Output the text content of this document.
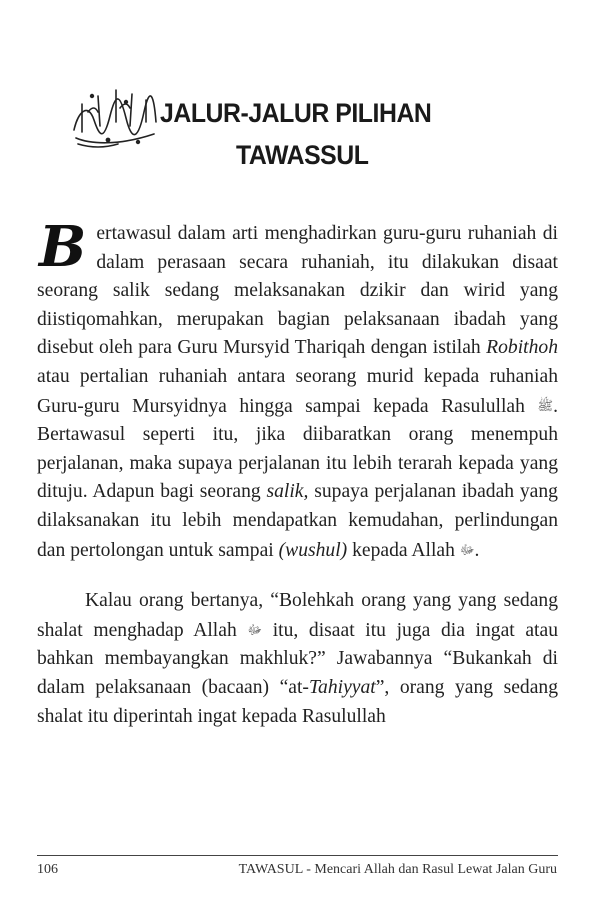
JALUR-JALUR PILIHAN
TAWASSUL

Bertawasul dalam arti menghadirkan guru-guru ruhaniah di dalam perasaan secara ruhaniah, itu dilakukan disaat seorang salik sedang melaksanakan dzikir dan wirid yang diistiqomahkan, merupakan bagian pelaksanaan ibadah yang disebut oleh para Guru Mursyid Thariqah dengan istilah Robithoh atau pertalian ruhaniah antara seorang murid kepada ruhaniah Guru-guru Mursyidnya hingga sampai kepada Rasulullah ﷺ. Bertawasul seperti itu, jika diibaratkan orang menempuh perjalanan, maka supaya perjalanan itu lebih terarah kepada yang dituju. Adapun bagi seorang salik, supaya perjalanan ibadah yang dilaksanakan itu lebih mendapatkan kemudahan, perlindungan dan pertolongan untuk sampai (wushul) kepada Allah ﷻ.

Kalau orang bertanya, “Bolehkah orang yang yang sedang shalat menghadap Allah ﷻ itu, disaat itu juga dia ingat atau bahkan membayangkan makhluk?” Jawabannya “Bukankah di dalam pelaksanaan (bacaan) “at-Tahiyyat”, orang yang sedang shalat itu diperintah ingat kepada Rasulullah

106	TAWASUL - Mencari Allah dan Rasul Lewat Jalan Guru
